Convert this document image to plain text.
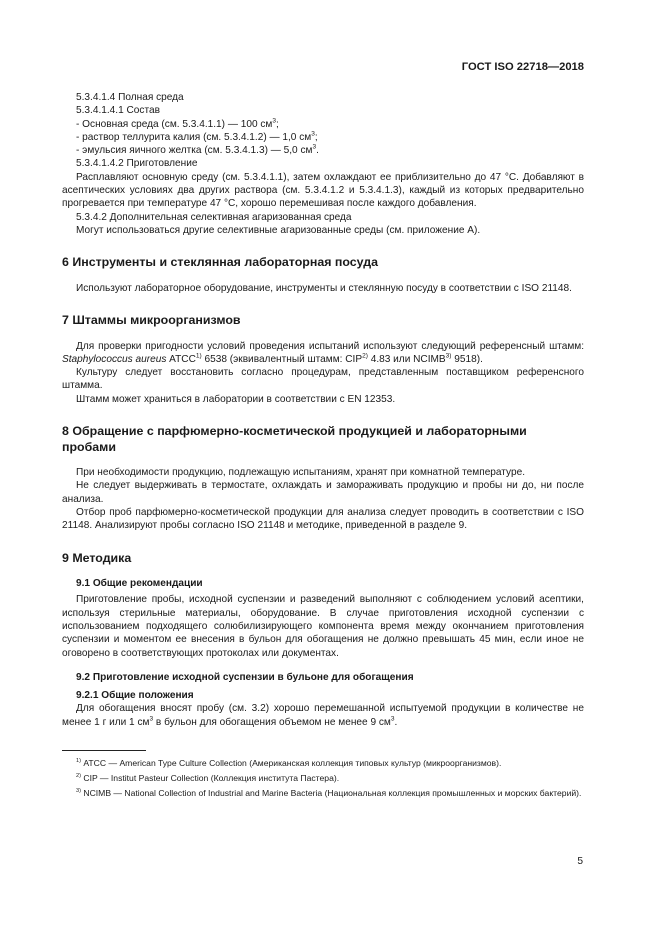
ГОСТ ISO 22718—2018

5.3.4.1.4 Полная среда

5.3.4.1.4.1 Состав

- Основная среда (см. 5.3.4.1.1) — 100 $см^3$;

- раствор теллурита калия (см. 5.3.4.1.2) — 1,0 $см^3$;

- эмульсия яичного желтка (см. 5.3.4.1.3) — 5,0 $см^3$.

5.3.4.1.4.2 Приготовление

Расплавляют основную среду (см. 5.3.4.1.1), затем охлаждают ее приблизительно до 47 °С. Добавляют в асептических условиях два других раствора (см. 5.3.4.1.2 и 5.3.4.1.3), каждый из которых предварительно прогревается при температуре 47 °С, хорошо перемешивая после каждого добавления.

5.3.4.2 Дополнительная селективная агаризованная среда

Могут использоваться другие селективные агаризованные среды (см. приложение А).

6 Инструменты и стеклянная лабораторная посуда

Используют лабораторное оборудование, инструменты и стеклянную посуду в соответствии с ISO 21148.

7 Штаммы микроорганизмов

Для проверки пригодности условий проведения испытаний используют следующий референсный штамм: Staphylococcus aureus АТСС$^{1)}$ 6538 (эквивалентный штамм: CIP$^{2)}$ 4.83 или NCIMB$^{3)}$ 9518).

Культуру следует восстановить согласно процедурам, представленным поставщиком референсного штамма.

Штамм может храниться в лаборатории в соответствии с EN 12353.

8 Обращение с парфюмерно-косметической продукцией и лабораторными пробами

При необходимости продукцию, подлежащую испытаниям, хранят при комнатной температуре.

Не следует выдерживать в термостате, охлаждать и замораживать продукцию и пробы ни до, ни после анализа.

Отбор проб парфюмерно-косметической продукции для анализа следует проводить в соответствии с ISO 21148. Анализируют пробы согласно ISO 21148 и методике, приведенной в разделе 9.

9 Методика
9.1 Общие рекомендации

Приготовление пробы, исходной суспензии и разведений выполняют с соблюдением условий асептики, используя стерильные материалы, оборудование. В случае приготовления исходной суспензии с использованием подходящего солюбилизирующего компонента время между окончанием приготовления суспензии и моментом ее внесения в бульон для обогащения не должно превышать 45 мин, если иное не оговорено в соответствующих протоколах или документах.

9.2 Приготовление исходной суспензии в бульоне для обогащения
9.2.1 Общие положения

Для обогащения вносят пробу (см. 3.2) хорошо перемешанной испытуемой продукции в количестве не менее 1 г или 1 $см^3$ в бульон для обогащения объемом не менее 9 $см^3$.

$^{1)}$ АТСС — American Type Culture Collection (Американская коллекция типовых культур (микроорганизмов).

$^{2)}$ CIP — Institut Pasteur Collection (Коллекция института Пастера).

$^{3)}$ NCIMB — National Collection of Industrial and Marine Bacteria (Национальная коллекция промышленных и морских бактерий).

5
